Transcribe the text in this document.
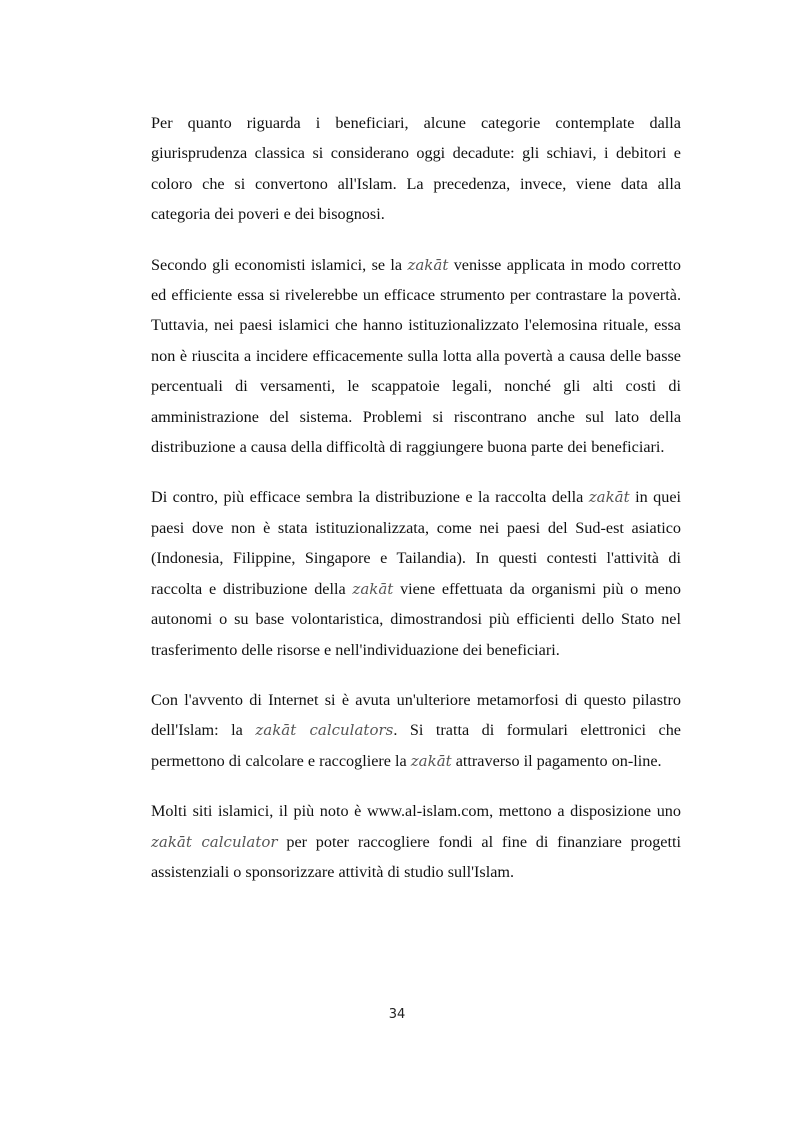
Per quanto riguarda i beneficiari, alcune categorie contemplate dalla giurisprudenza classica si considerano oggi decadute: gli schiavi, i debitori e coloro che si convertono all'Islam. La precedenza, invece, viene data alla categoria dei poveri e dei bisognosi.

Secondo gli economisti islamici, se la zakāt venisse applicata in modo corretto ed efficiente essa si rivelerebbe un efficace strumento per contrastare la povertà. Tuttavia, nei paesi islamici che hanno istituzionalizzato l'elemosina rituale, essa non è riuscita a incidere efficacemente sulla lotta alla povertà a causa delle basse percentuali di versamenti, le scappatoie legali, nonché gli alti costi di amministrazione del sistema. Problemi si riscontrano anche sul lato della distribuzione a causa della difficoltà di raggiungere buona parte dei beneficiari.

Di contro, più efficace sembra la distribuzione e la raccolta della zakāt in quei paesi dove non è stata istituzionalizzata, come nei paesi del Sud-est asiatico (Indonesia, Filippine, Singapore e Tailandia). In questi contesti l'attività di raccolta e distribuzione della zakāt viene effettuata da organismi più o meno autonomi o su base volontaristica, dimostrandosi più efficienti dello Stato nel trasferimento delle risorse e nell'individuazione dei beneficiari.

Con l'avvento di Internet si è avuta un'ulteriore metamorfosi di questo pilastro dell'Islam: la zakāt calculators. Si tratta di formulari elettronici che permettono di calcolare e raccogliere la zakāt attraverso il pagamento on-line.

Molti siti islamici, il più noto è www.al-islam.com, mettono a disposizione uno zakāt calculator per poter raccogliere fondi al fine di finanziare progetti assistenziali o sponsorizzare attività di studio sull'Islam.

34
